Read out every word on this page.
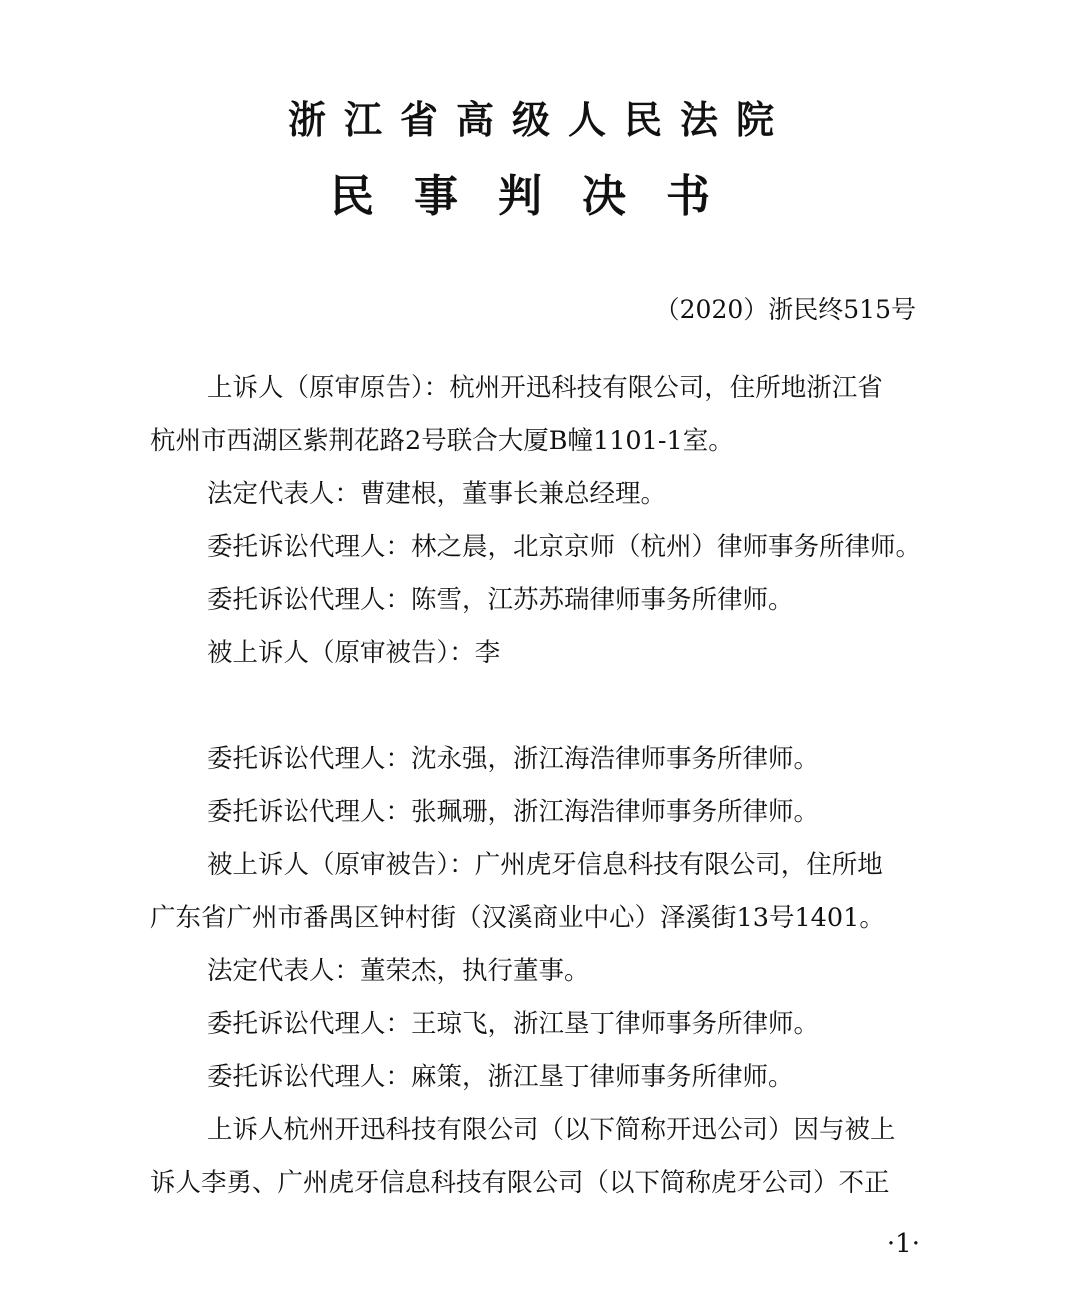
浙江省高级人民法院
民事判决书
（2020）浙民终515号

上诉人（原审原告）：杭州开迅科技有限公司，住所地浙江省
杭州市西湖区紫荆花路2号联合大厦B幢1101-1室。

法定代表人：曹建根，董事长兼总经理。

委托诉讼代理人：林之晨，北京京师（杭州）律师事务所律师。

委托诉讼代理人：陈雪，江苏苏瑞律师事务所律师。

被上诉人（原审被告）：李

委托诉讼代理人：沈永强，浙江海浩律师事务所律师。

委托诉讼代理人：张珮珊，浙江海浩律师事务所律师。

被上诉人（原审被告）：广州虎牙信息科技有限公司，住所地
广东省广州市番禺区钟村街（汉溪商业中心）泽溪街13号1401。

法定代表人：董荣杰，执行董事。

委托诉讼代理人：王琼飞，浙江垦丁律师事务所律师。

委托诉讼代理人：麻策，浙江垦丁律师事务所律师。

上诉人杭州开迅科技有限公司（以下简称开迅公司）因与被上
诉人李勇、广州虎牙信息科技有限公司（以下简称虎牙公司）不正

·1·
